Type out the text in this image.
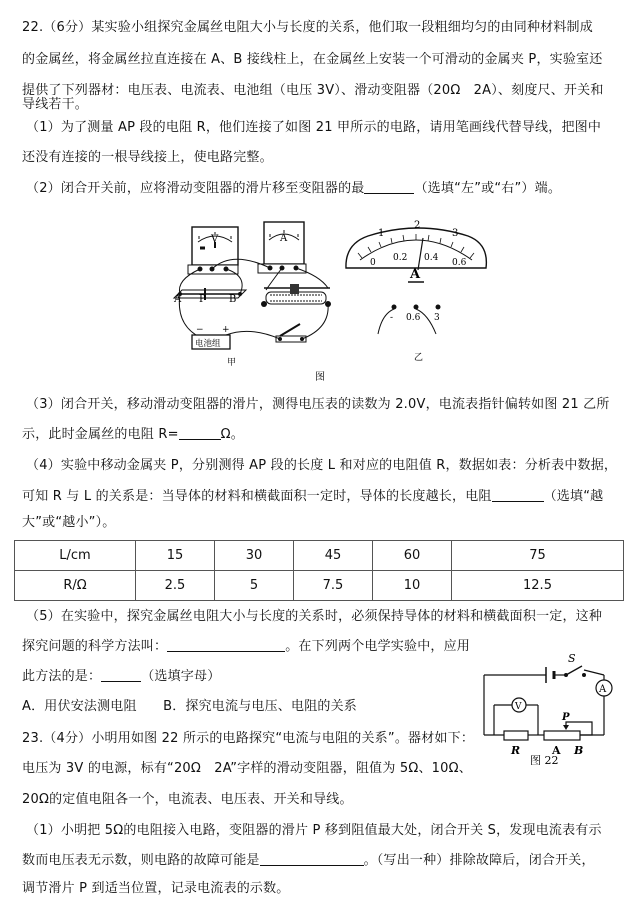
22.（6分）某实验小组探究金属丝电阻大小与长度的关系，他们取一段粗细均匀的由同种材料制成
的金属丝，将金属丝拉直连接在 A、B 接线柱上，在金属丝上安装一个可滑动的金属夹 P，实验室还
提供了下列器材：电压表、电流表、电池组（电压 3V）、滑动变阻器（20Ω　2A）、刻度尺、开关和
导线若干。
（1）为了测量 AP 段的电阻 R，他们连接了如图 21 甲所示的电路，请用笔画线代替导线，把图中
还没有连接的一根导线接上，使电路完整。
（2）闭合开关前，应将滑动变阻器的滑片移至变阻器的最	（选填“左”或“右”）端。
V	A
A P B
电池组
− +
甲
1
2
3
0 0.2 0.4 0.6
A
- 0.6 3
乙
图
（3）闭合开关，移动滑动变阻器的滑片，测得电压表的读数为 2.0V，电流表指针偏转如图 21 乙所
示，此时金属丝的电阻 R=	Ω。
（4）实验中移动金属夹 P，分别测得 AP 段的长度 L 和对应的电阻值 R，数据如表：分析表中数据，
可知 R 与 L 的关系是：当导体的材料和横截面积一定时，导体的长度越长，电阻	（选填“越
大”或“越小”）。
L/cm	15	30	45	60	75
R/Ω	2.5	5	7.5	10	12.5
（5）在实验中，探究金属丝电阻大小与长度的关系时，必须保持导体的材料和横截面积一定，这种
探究问题的科学方法叫：	。在下列两个电学实验中，应用
此方法的是：	（选填字母）
A．用伏安法测电阻　　B．探究电流与电压、电阻的关系
23.（4分）小明用如图 22 所示的电路探究“电流与电阻的关系”。器材如下：
电压为 3V 的电源，标有“20Ω　2A”字样的滑动变阻器，阻值为 5Ω、10Ω、
20Ω的定值电阻各一个，电流表、电压表、开关和导线。
（1）小明把 5Ω的电阻接入电路，变阻器的滑片 P 移到阻值最大处，闭合开关 S，发现电流表有示
数而电压表无示数，则电路的故障可能是	。（写出一种）排除故障后，闭合开关，
调节滑片 P 到适当位置，记录电流表的示数。
S
A
V
R
P
A B
图 22
